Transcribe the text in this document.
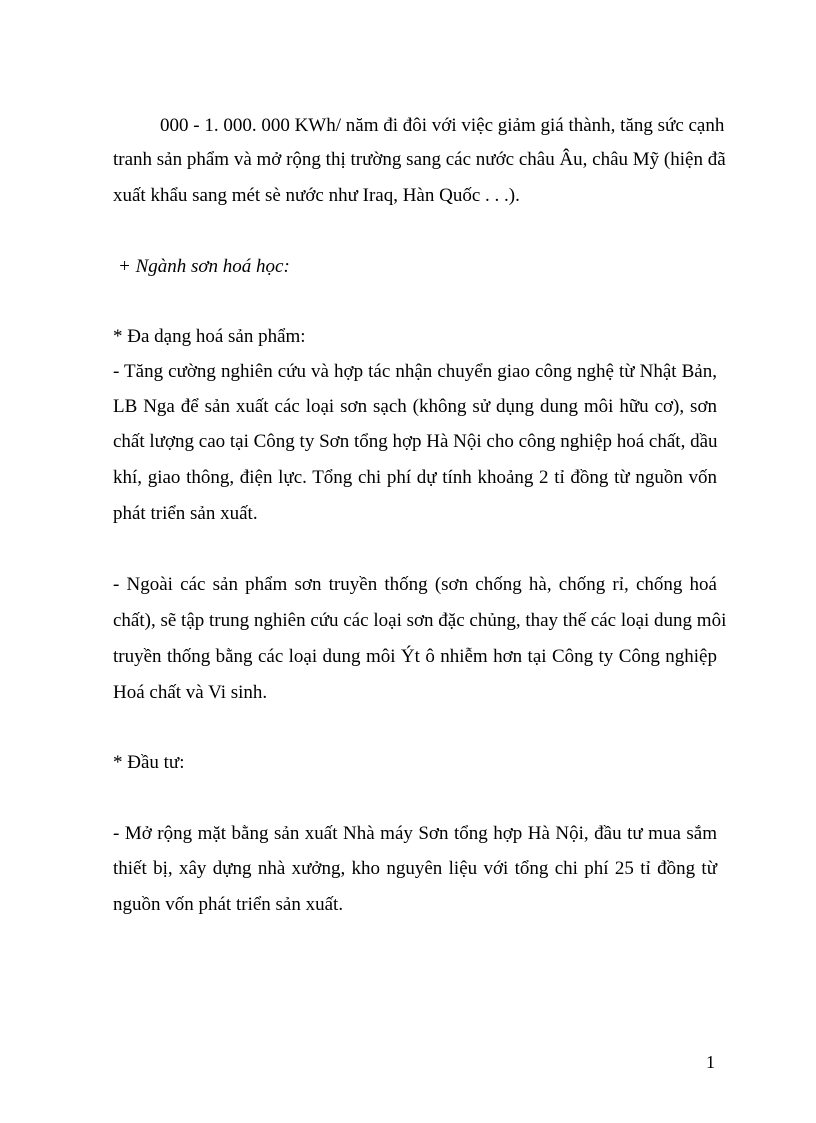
000 - 1. 000. 000 KWh/ năm đi đôi với việc giảm giá thành, tăng sức cạnh
tranh sản phẩm và mở rộng thị trường sang các nước châu Âu, châu Mỹ (hiện đã
xuất khẩu sang mét sè nước như Iraq, Hàn Quốc . . .).
+ Ngành sơn hoá học:
* Đa dạng hoá sản phẩm:
- Tăng cường nghiên cứu và hợp tác nhận chuyển giao công nghệ từ Nhật Bản,
LB Nga để sản xuất các loại sơn sạch (không sử dụng dung môi hữu cơ), sơn
chất lượng cao tại Công ty Sơn tổng hợp Hà Nội cho công nghiệp hoá chất, dầu
khí, giao thông, điện lực. Tổng chi phí dự tính khoảng 2 tỉ đồng từ nguồn vốn
phát triển sản xuất.
- Ngoài các sản phẩm sơn truyền thống (sơn chống hà, chống rỉ, chống hoá
chất), sẽ tập trung nghiên cứu các loại sơn đặc chủng, thay thế các loại dung môi
truyền thống bằng các loại dung môi Ýt ô nhiễm hơn tại Công ty Công nghiệp
Hoá chất và Vi sinh.
* Đầu tư:
- Mở rộng mặt bằng sản xuất Nhà máy Sơn tổng hợp Hà Nội, đầu tư mua sắm
thiết bị, xây dựng nhà xưởng, kho nguyên liệu với tổng chi phí 25 tỉ đồng từ
nguồn vốn phát triển sản xuất.
1
